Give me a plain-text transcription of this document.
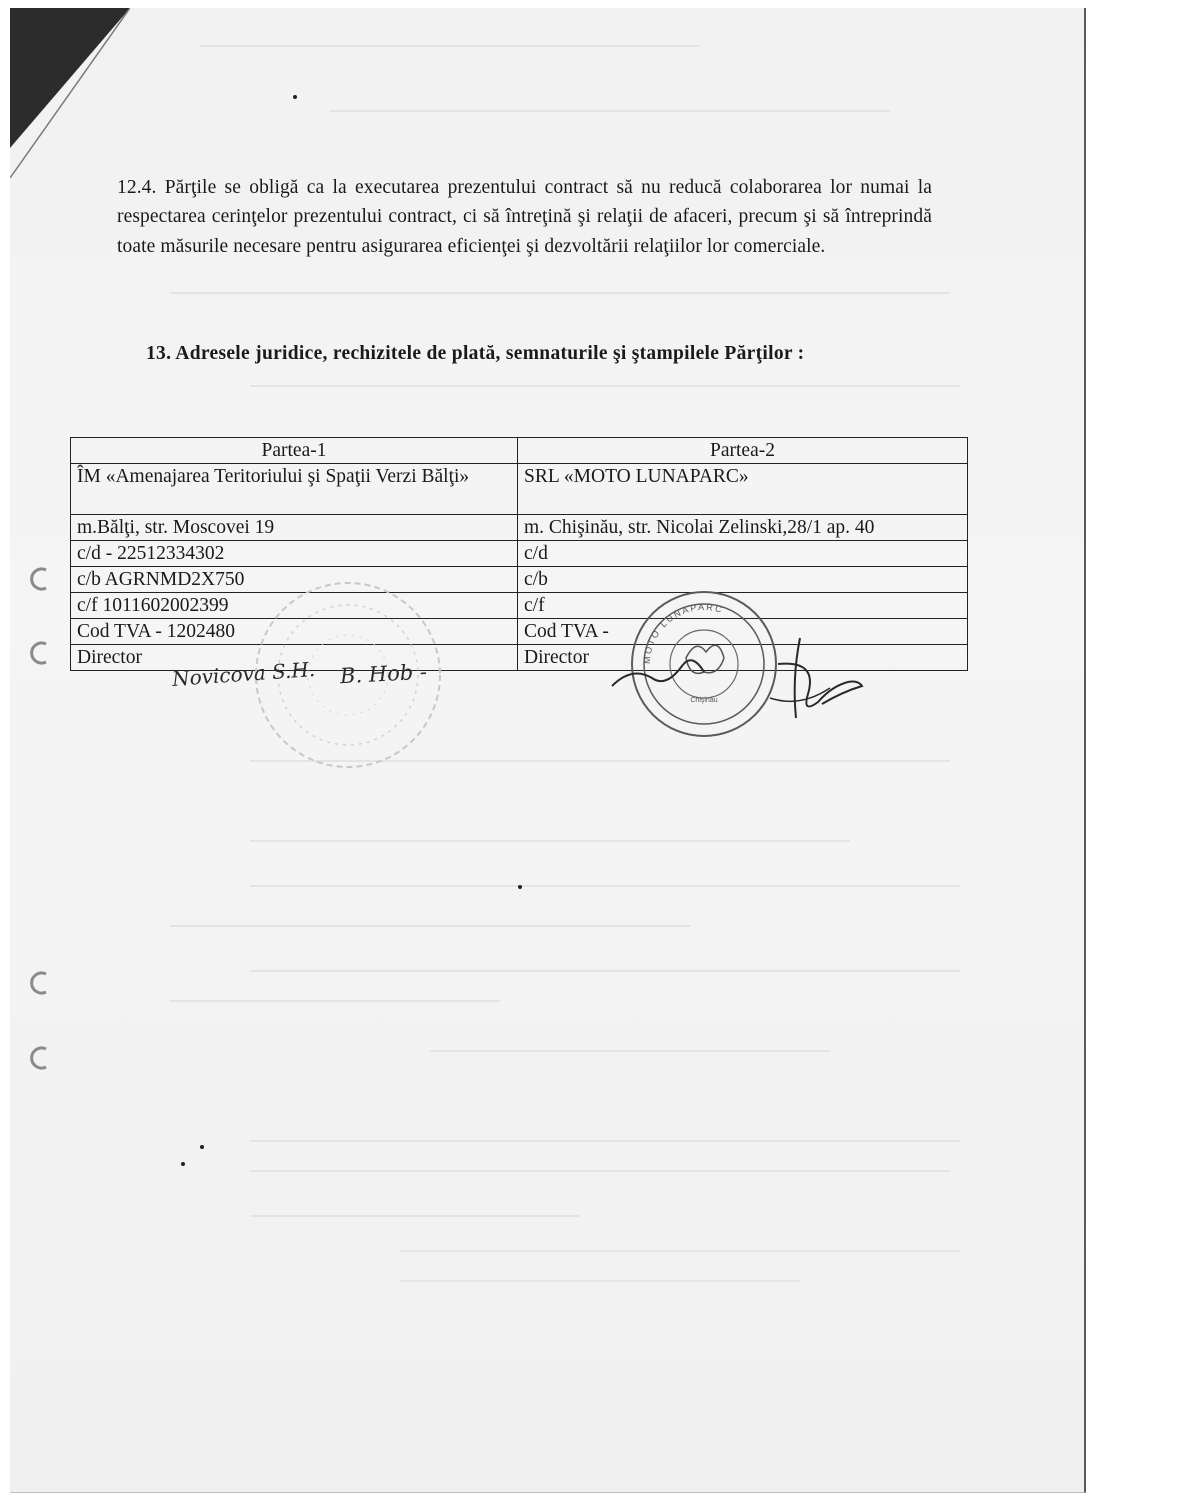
12.4. Părţile se obligă ca la executarea prezentului contract să nu reducă colaborarea lor numai la respectarea cerinţelor prezentului contract, ci să întreţină şi relaţii de afaceri, precum şi să întreprindă toate măsurile necesare pentru asigurarea eficienţei şi dezvoltării relaţiilor lor comerciale.

13. Adresele juridice, rechizitele de plată, semnaturile şi ştampilele Părţilor :
Partea-1	Partea-2
ÎM «Amenajarea Teritoriului şi Spaţii Verzi Bălţi»	SRL «MOTO LUNAPARC»
m.Bălţi, str. Moscovei 19	m. Chişinău, str. Nicolai Zelinski,28/1 ap. 40
c/d - 22512334302	c/d
c/b AGRNMD2X750	c/b
c/f 1011602002399	c/f
Cod TVA - 1202480	Cod TVA -
Director	Director	MOTO LUNAPARC
Chişinău
Novicova S.H. B. Hob -
